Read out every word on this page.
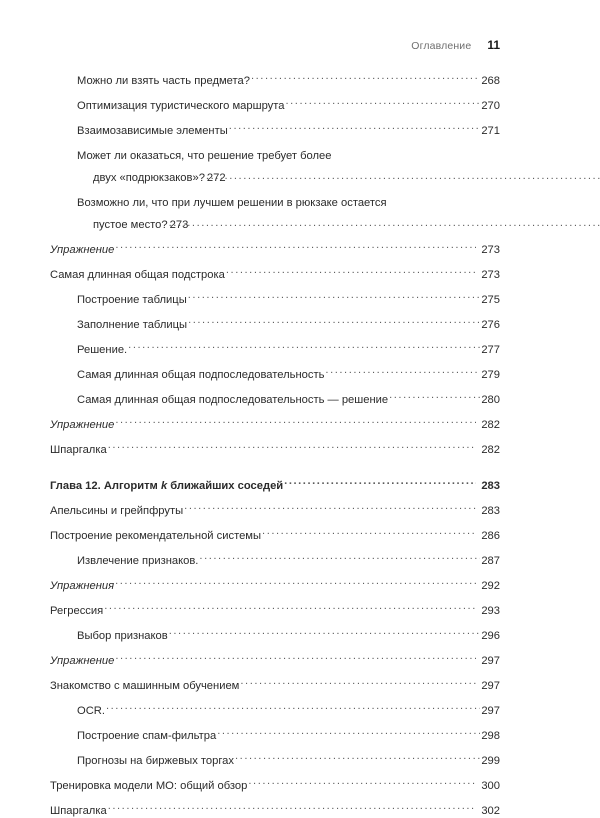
Оглавление 11
Можно ли взять часть предмета? .....	268
Оптимизация туристического маршрута .....	270
Взаимозависимые элементы .....	271
Может ли оказаться, что решение требует более
двух «подрюкзаков»? 272
Возможно ли, что при лучшем решении в рюкзаке остается
пустое место? 273
Упражнение .....	273
Самая длинная общая подстрока .....	273
Построение таблицы .....	275
Заполнение таблицы .....	276
Решение. .....	277
Самая длинная общая подпоследовательность .....	279
Самая длинная общая подпоследовательность — решение .....	280
Упражнение .....	282
Шпаргалка .....	282
Глава 12. Алгоритм k ближайших соседей .....	283
Апельсины и грейпфруты .....	283
Построение рекомендательной системы .....	286
Извлечение признаков. .....	287
Упражнения .....	292
Регрессия .....	293
Выбор признаков .....	296
Упражнение .....	297
Знакомство с машинным обучением .....	297
OCR. .....	297
Построение спам-фильтра .....	298
Прогнозы на биржевых торгах .....	299
Тренировка модели МО: общий обзор .....	300
Шпаргалка .....	302
